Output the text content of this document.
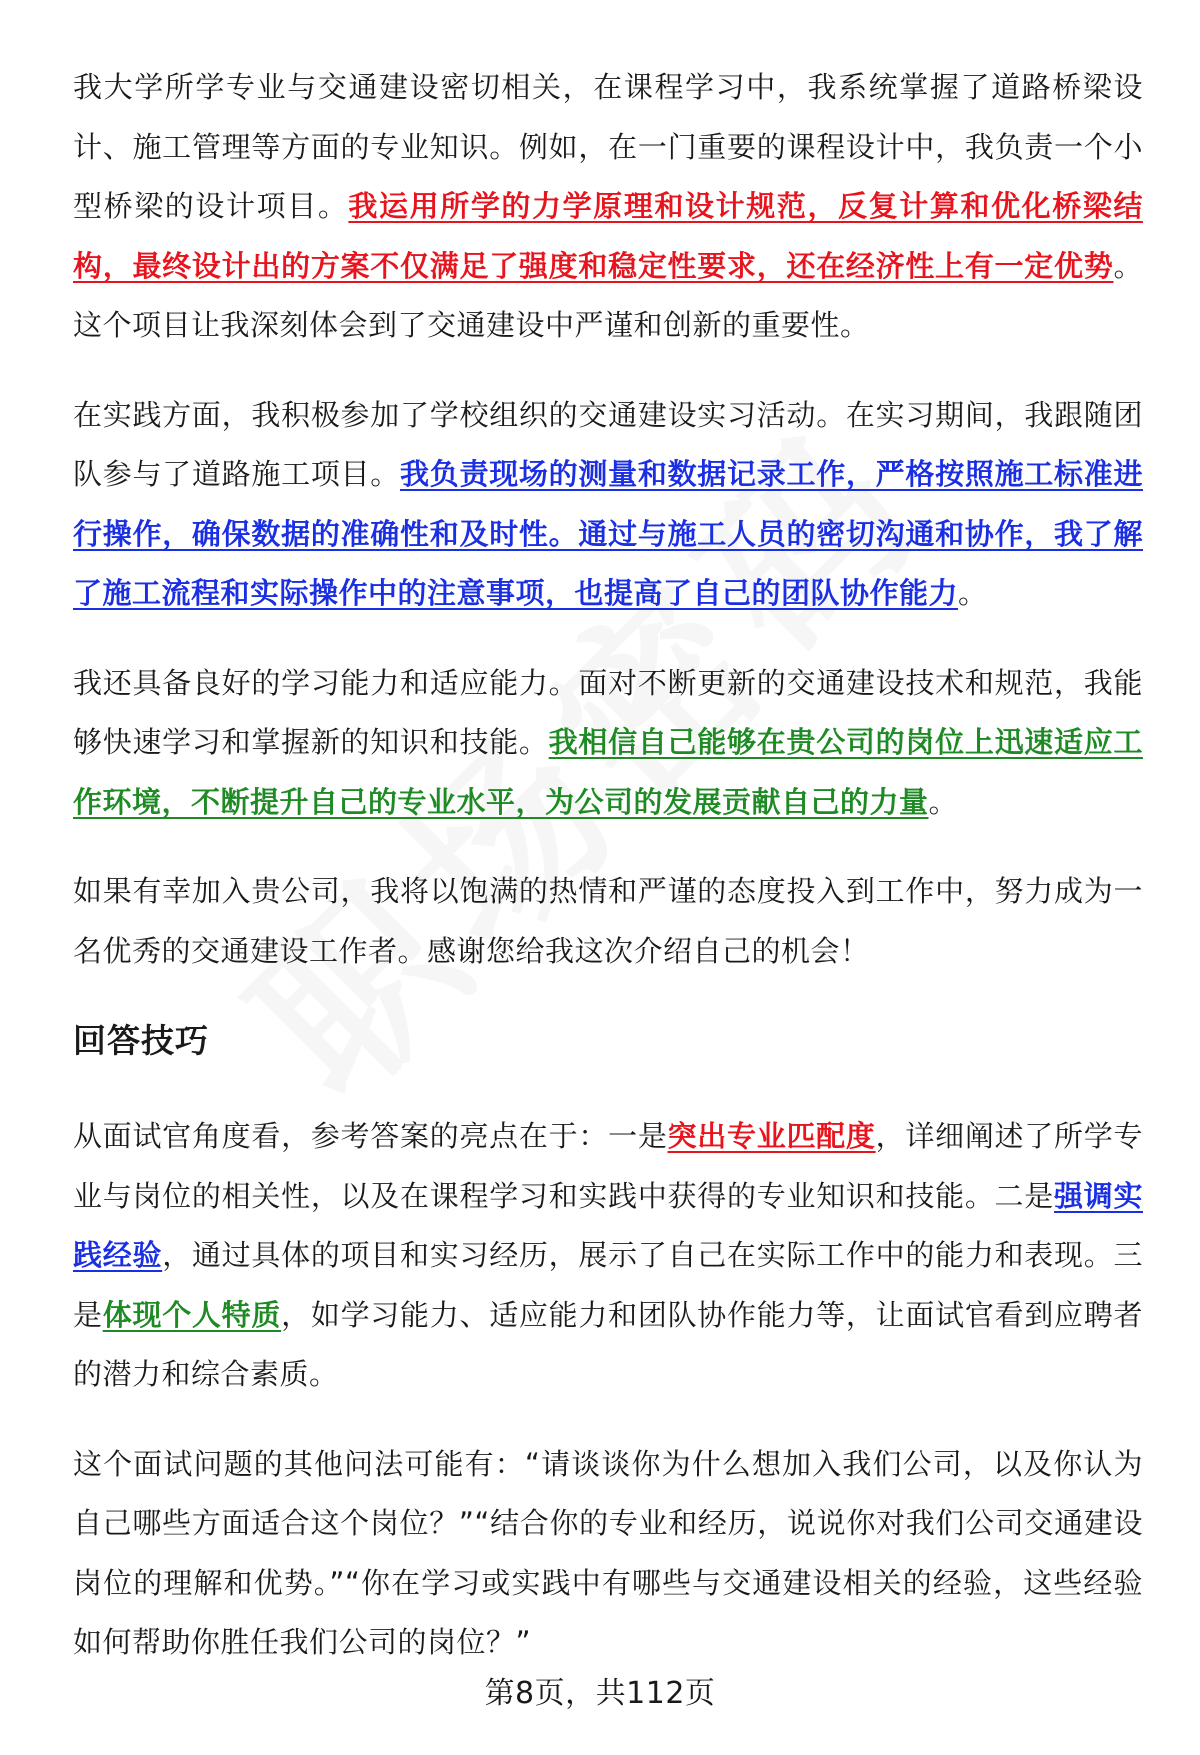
我大学所学专业与交通建设密切相关，在课程学习中，我系统掌握了道路桥梁设计、施工管理等方面的专业知识。例如，在一门重要的课程设计中，我负责一个小型桥梁的设计项目。我运用所学的力学原理和设计规范，反复计算和优化桥梁结构，最终设计出的方案不仅满足了强度和稳定性要求，还在经济性上有一定优势。这个项目让我深刻体会到了交通建设中严谨和创新的重要性。

在实践方面，我积极参加了学校组织的交通建设实习活动。在实习期间，我跟随团队参与了道路施工项目。我负责现场的测量和数据记录工作，严格按照施工标准进行操作，确保数据的准确性和及时性。通过与施工人员的密切沟通和协作，我了解了施工流程和实际操作中的注意事项，也提高了自己的团队协作能力。

我还具备良好的学习能力和适应能力。面对不断更新的交通建设技术和规范，我能够快速学习和掌握新的知识和技能。我相信自己能够在贵公司的岗位上迅速适应工作环境，不断提升自己的专业水平，为公司的发展贡献自己的力量。

如果有幸加入贵公司，我将以饱满的热情和严谨的态度投入到工作中，努力成为一名优秀的交通建设工作者。感谢您给我这次介绍自己的机会！

回答技巧

从面试官角度看，参考答案的亮点在于：一是突出专业匹配度，详细阐述了所学专业与岗位的相关性，以及在课程学习和实践中获得的专业知识和技能。二是强调实践经验，通过具体的项目和实习经历，展示了自己在实际工作中的能力和表现。三是体现个人特质，如学习能力、适应能力和团队协作能力等，让面试官看到应聘者的潜力和综合素质。

这个面试问题的其他问法可能有：“请谈谈你为什么想加入我们公司，以及你认为自己哪些方面适合这个岗位？”“结合你的专业和经历，说说你对我们公司交通建设岗位的理解和优势。”“你在学习或实践中有哪些与交通建设相关的经验，这些经验如何帮助你胜任我们公司的岗位？”

第8页，共112页
